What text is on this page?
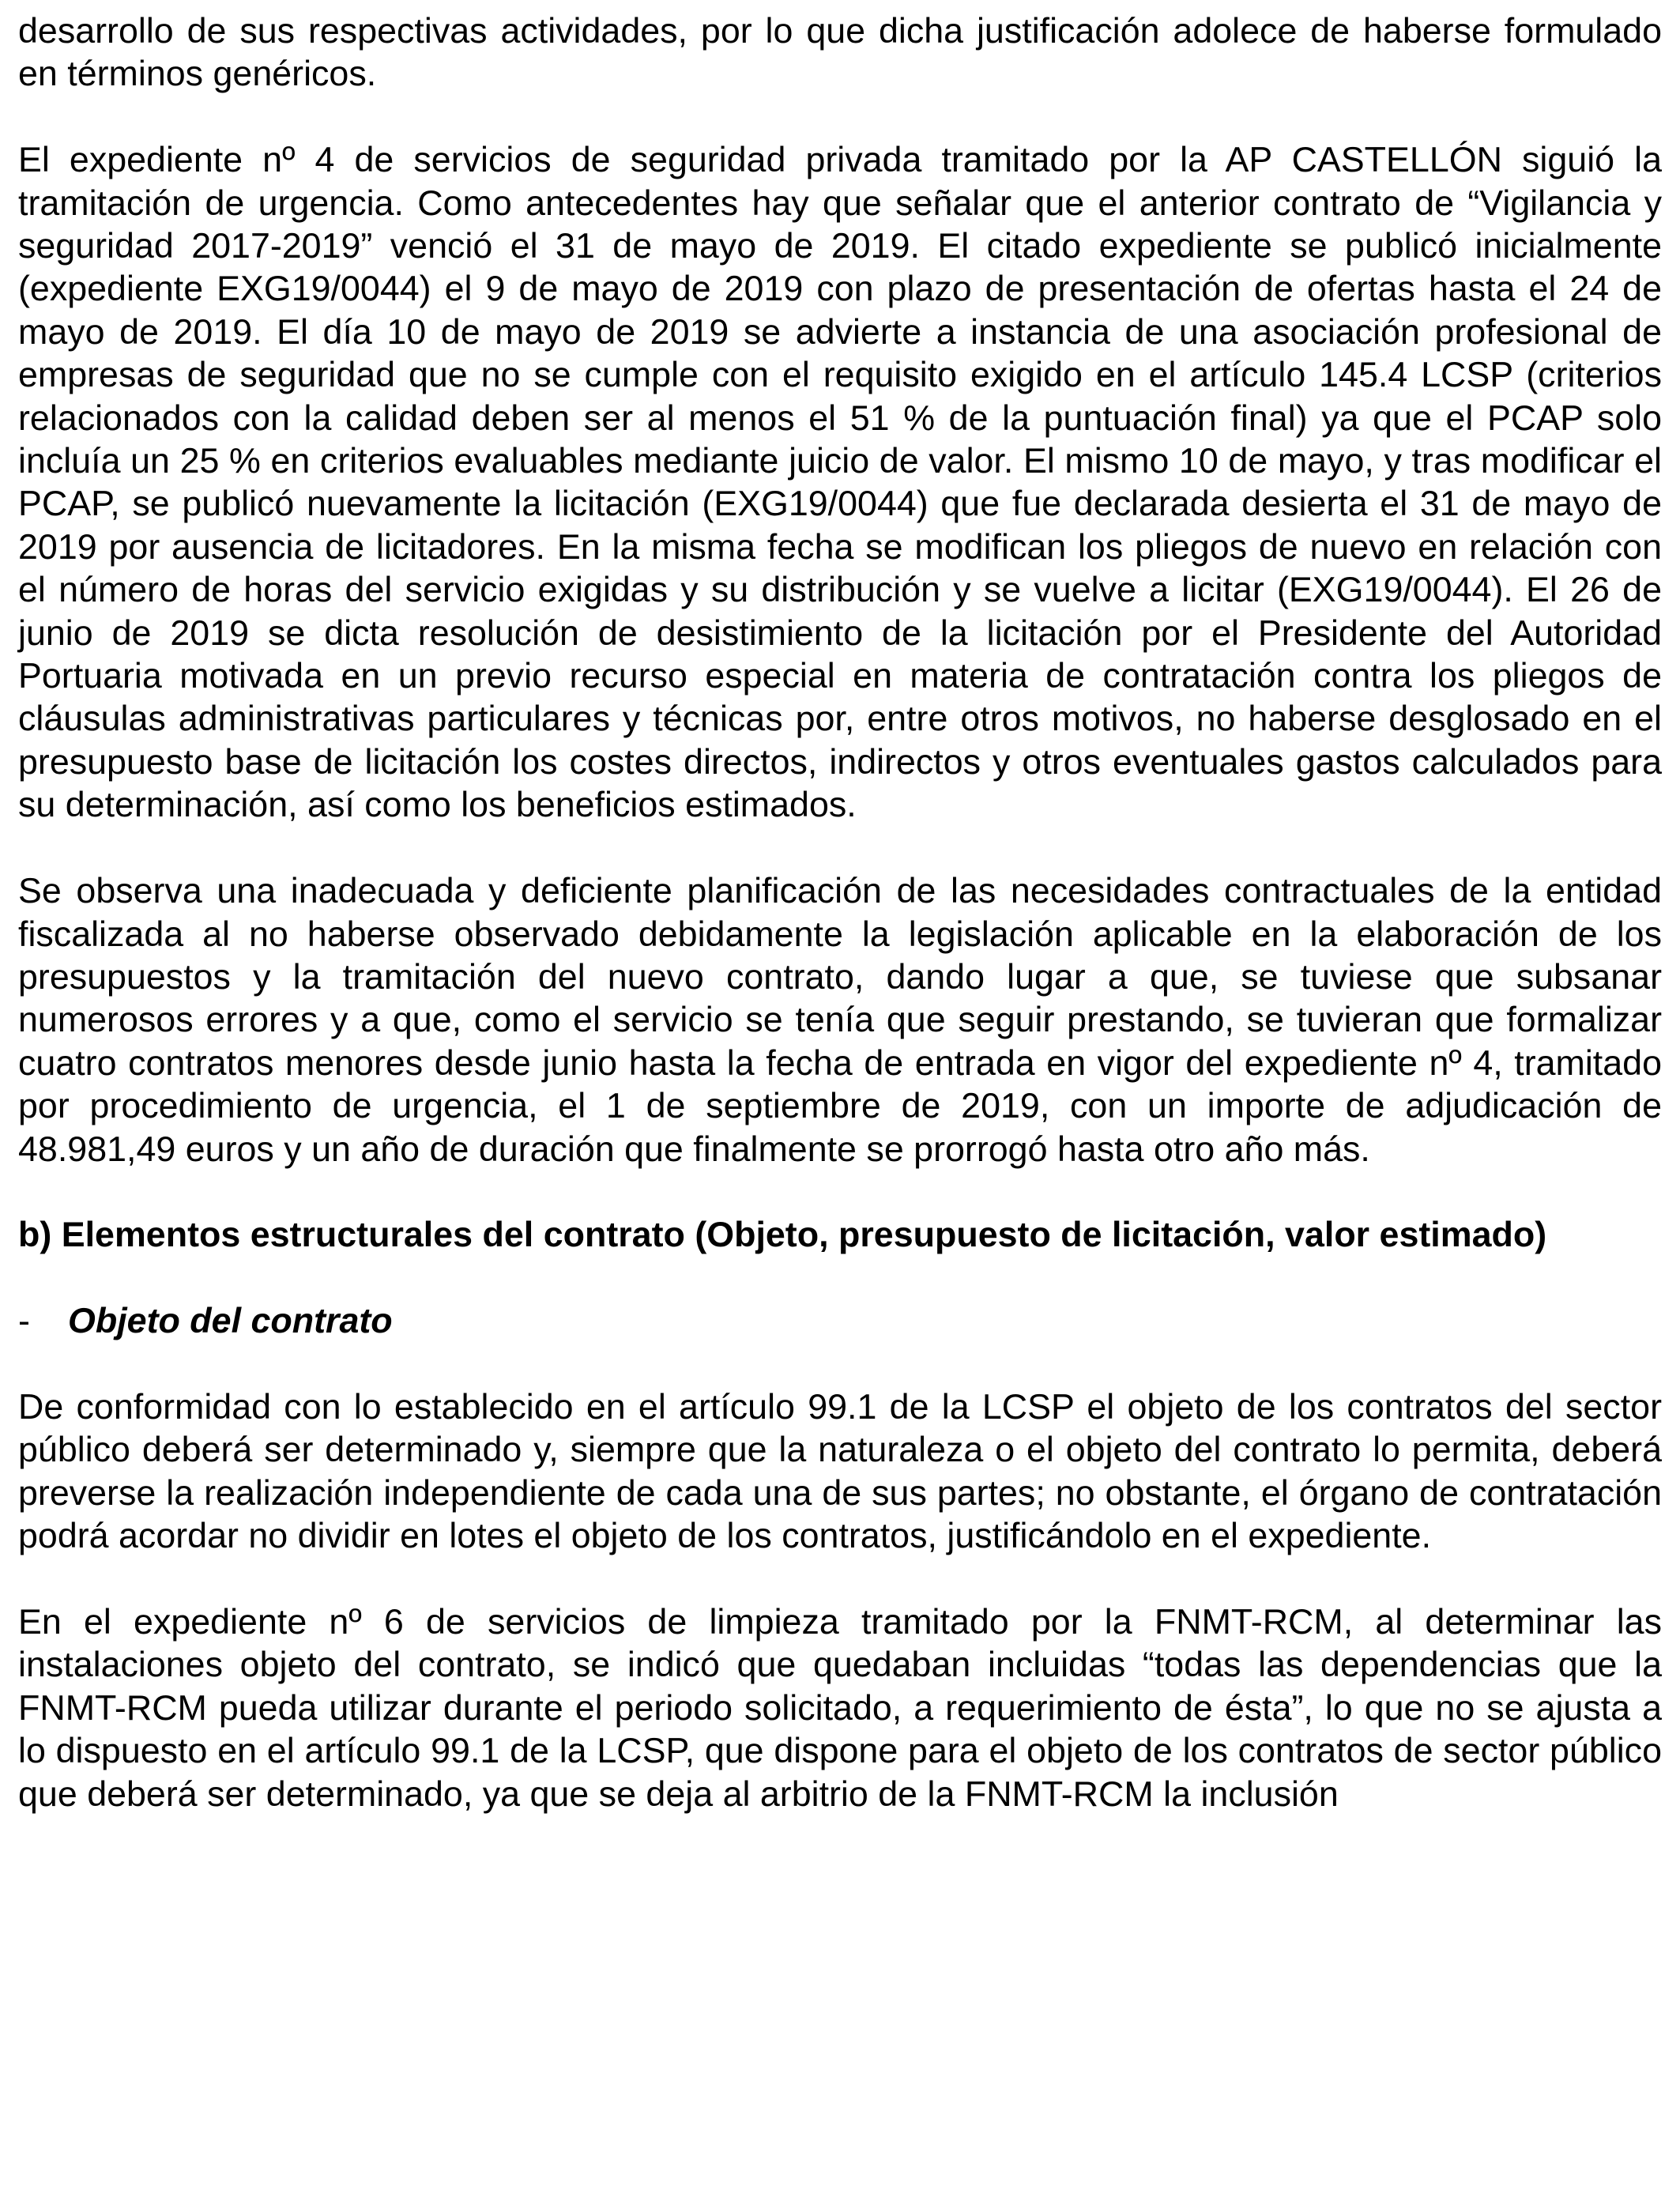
desarrollo de sus respectivas actividades, por lo que dicha justificación adolece de haberse formulado en términos genéricos.

El expediente nº 4 de servicios de seguridad privada tramitado por la AP CASTELLÓN siguió la tramitación de urgencia. Como antecedentes hay que señalar que el anterior contrato de “Vigilancia y seguridad 2017-2019” venció el 31 de mayo de 2019. El citado expediente se publicó inicialmente (expediente EXG19/0044) el 9 de mayo de 2019 con plazo de presentación de ofertas hasta el 24 de mayo de 2019. El día 10 de mayo de 2019 se advierte a instancia de una asociación profesional de empresas de seguridad que no se cumple con el requisito exigido en el artículo 145.4 LCSP (criterios relacionados con la calidad deben ser al menos el 51 % de la puntuación final) ya que el PCAP solo incluía un 25 % en criterios evaluables mediante juicio de valor. El mismo 10 de mayo, y tras modificar el PCAP, se publicó nuevamente la licitación (EXG19/0044) que fue declarada desierta el 31 de mayo de 2019 por ausencia de licitadores. En la misma fecha se modifican los pliegos de nuevo en relación con el número de horas del servicio exigidas y su distribución y se vuelve a licitar (EXG19/0044). El 26 de junio de 2019 se dicta resolución de desistimiento de la licitación por el Presidente del Autoridad Portuaria motivada en un previo recurso especial en materia de contratación contra los pliegos de cláusulas administrativas particulares y técnicas por, entre otros motivos, no haberse desglosado en el presupuesto base de licitación los costes directos, indirectos y otros eventuales gastos calculados para su determinación, así como los beneficios estimados.

Se observa una inadecuada y deficiente planificación de las necesidades contractuales de la entidad fiscalizada al no haberse observado debidamente la legislación aplicable en la elaboración de los presupuestos y la tramitación del nuevo contrato, dando lugar a que, se tuviese que subsanar numerosos errores y a que, como el servicio se tenía que seguir prestando, se tuvieran que formalizar cuatro contratos menores desde junio hasta la fecha de entrada en vigor del expediente nº 4, tramitado por procedimiento de urgencia, el 1 de septiembre de 2019, con un importe de adjudicación de 48.981,49 euros y un año de duración que finalmente se prorrogó hasta otro año más.

b) Elementos estructurales del contrato (Objeto, presupuesto de licitación, valor estimado)

-	Objeto del contrato

De conformidad con lo establecido en el artículo 99.1 de la LCSP el objeto de los contratos del sector público deberá ser determinado y, siempre que la naturaleza o el objeto del contrato lo permita, deberá preverse la realización independiente de cada una de sus partes; no obstante, el órgano de contratación podrá acordar no dividir en lotes el objeto de los contratos, justificándolo en el expediente.

En el expediente nº 6 de servicios de limpieza tramitado por la FNMT-RCM, al determinar las instalaciones objeto del contrato, se indicó que quedaban incluidas “todas las dependencias que la FNMT-RCM pueda utilizar durante el periodo solicitado, a requerimiento de ésta”, lo que no se ajusta a lo dispuesto en el artículo 99.1 de la LCSP, que dispone para el objeto de los contratos de sector público que deberá ser determinado, ya que se deja al arbitrio de la FNMT-RCM la inclusión
